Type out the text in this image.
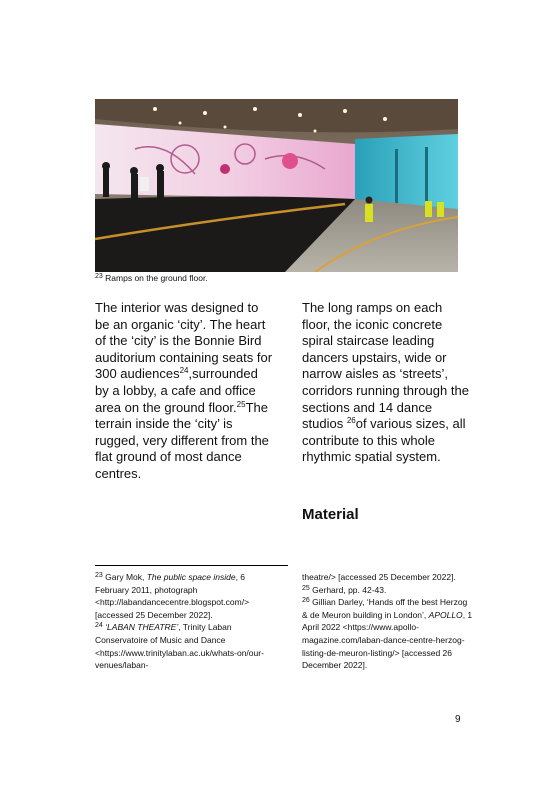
$^{23}$ Ramps on the ground floor.
The interior was designed to be an organic ‘city’. The heart of the ‘city’ is the Bonnie Bird auditorium containing seats for 300 audiences$^{24}$,surrounded by a lobby, a cafe and office area on the ground floor.$^{25}$The terrain inside the ‘city’ is rugged, very different from the flat ground of most dance centres.
The long ramps on each floor, the iconic concrete spiral staircase leading dancers upstairs, wide or narrow aisles as ‘streets’, corridors running through the sections and 14 dance studios $^{26}$of various sizes, all contribute to this whole rhythmic spatial system.
Material
$^{23}$ Gary Mok, The public space inside, 6 February 2011, photograph <http://labandancecentre.blogspot.com/> [accessed 25 December 2022].
$^{24}$ ‘LABAN THEATRE’, Trinity Laban Conservatoire of Music and Dance <https://www.trinitylaban.ac.uk/whats-on/our-venues/laban-
theatre/> [accessed 25 December 2022].
$^{25}$ Gerhard, pp. 42-43.
$^{26}$ Gillian Darley, ‘Hands off the best Herzog & de Meuron building in London’, APOLLO, 1 April 2022 <https://www.apollo-magazine.com/laban-dance-centre-herzog-listing-de-meuron-listing/> [accessed 26 December 2022].
9
